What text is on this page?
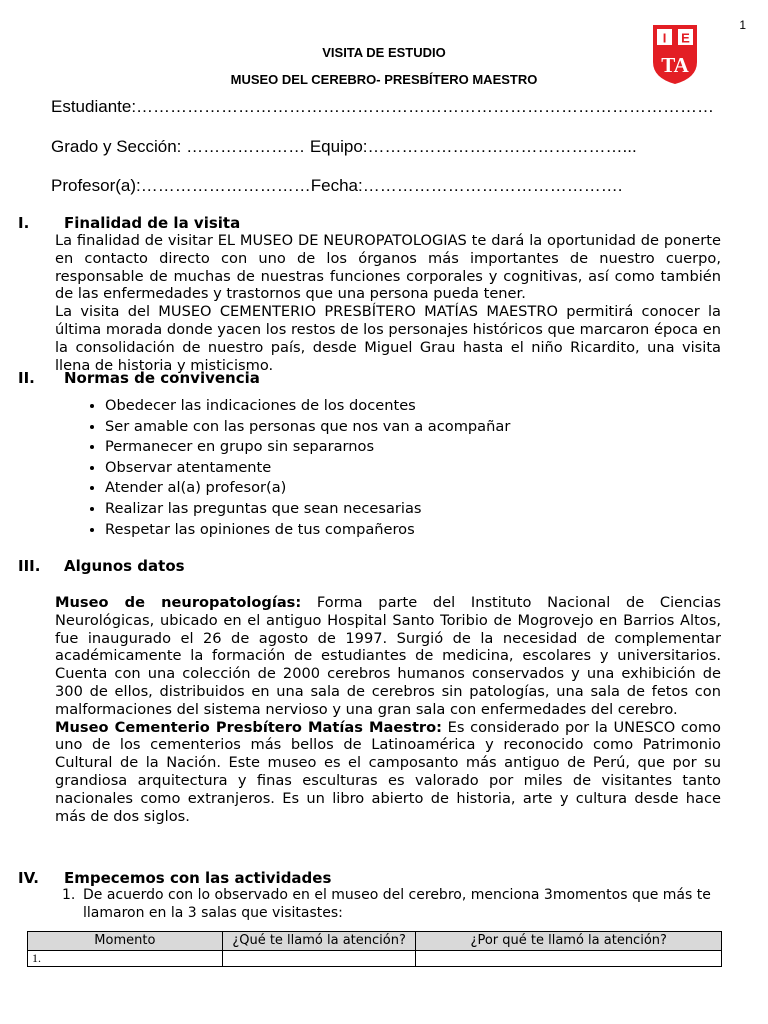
1
I E
TA
VISITA DE ESTUDIO
MUSEO DEL CEREBRO- PRESBÍTERO MAESTRO
Estudiante:…………………………………………………………………………………………
Grado y Sección: ………………… Equipo:………………………………………...
Profesor(a):…………………………Fecha:……………………………………….
I. Finalidad de la visita
La finalidad de visitar EL MUSEO DE NEUROPATOLOGIAS te dará la oportunidad de ponerte en contacto directo con uno de los órganos más importantes de nuestro cuerpo, responsable de muchas de nuestras funciones corporales y cognitivas, así como también de las enfermedades y trastornos que una persona pueda tener.
La visita del MUSEO CEMENTERIO PRESBÍTERO MATÍAS MAESTRO permitirá conocer la última morada donde yacen los restos de los personajes históricos que marcaron época en la consolidación de nuestro país, desde Miguel Grau hasta el niño Ricardito, una visita llena de historia y misticismo.
II. Normas de convivencia
• Obedecer las indicaciones de los docentes
• Ser amable con las personas que nos van a acompañar
• Permanecer en grupo sin separarnos
• Observar atentamente
• Atender al(a) profesor(a)
• Realizar las preguntas que sean necesarias
• Respetar las opiniones de tus compañeros
III. Algunos datos
Museo de neuropatologías: Forma parte del Instituto Nacional de Ciencias Neurológicas, ubicado en el antiguo Hospital Santo Toribio de Mogrovejo en Barrios Altos, fue inaugurado el 26 de agosto de 1997. Surgió de la necesidad de complementar académicamente la formación de estudiantes de medicina, escolares y universitarios. Cuenta con una colección de 2000 cerebros humanos conservados y una exhibición de 300 de ellos, distribuidos en una sala de cerebros sin patologías, una sala de fetos con malformaciones del sistema nervioso y una gran sala con enfermedades del cerebro.
Museo Cementerio Presbítero Matías Maestro: Es considerado por la UNESCO como uno de los cementerios más bellos de Latinoamérica y reconocido como Patrimonio Cultural de la Nación. Este museo es el camposanto más antiguo de Perú, que por su grandiosa arquitectura y finas esculturas es valorado por miles de visitantes tanto nacionales como extranjeros. Es un libro abierto de historia, arte y cultura desde hace más de dos siglos.
IV. Empecemos con las actividades
1. De acuerdo con lo observado en el museo del cerebro, menciona 3momentos que más te llamaron en la 3 salas que visitastes:
Momento	¿Qué te llamó la atención?	¿Por qué te llamó la atención?
1.		
